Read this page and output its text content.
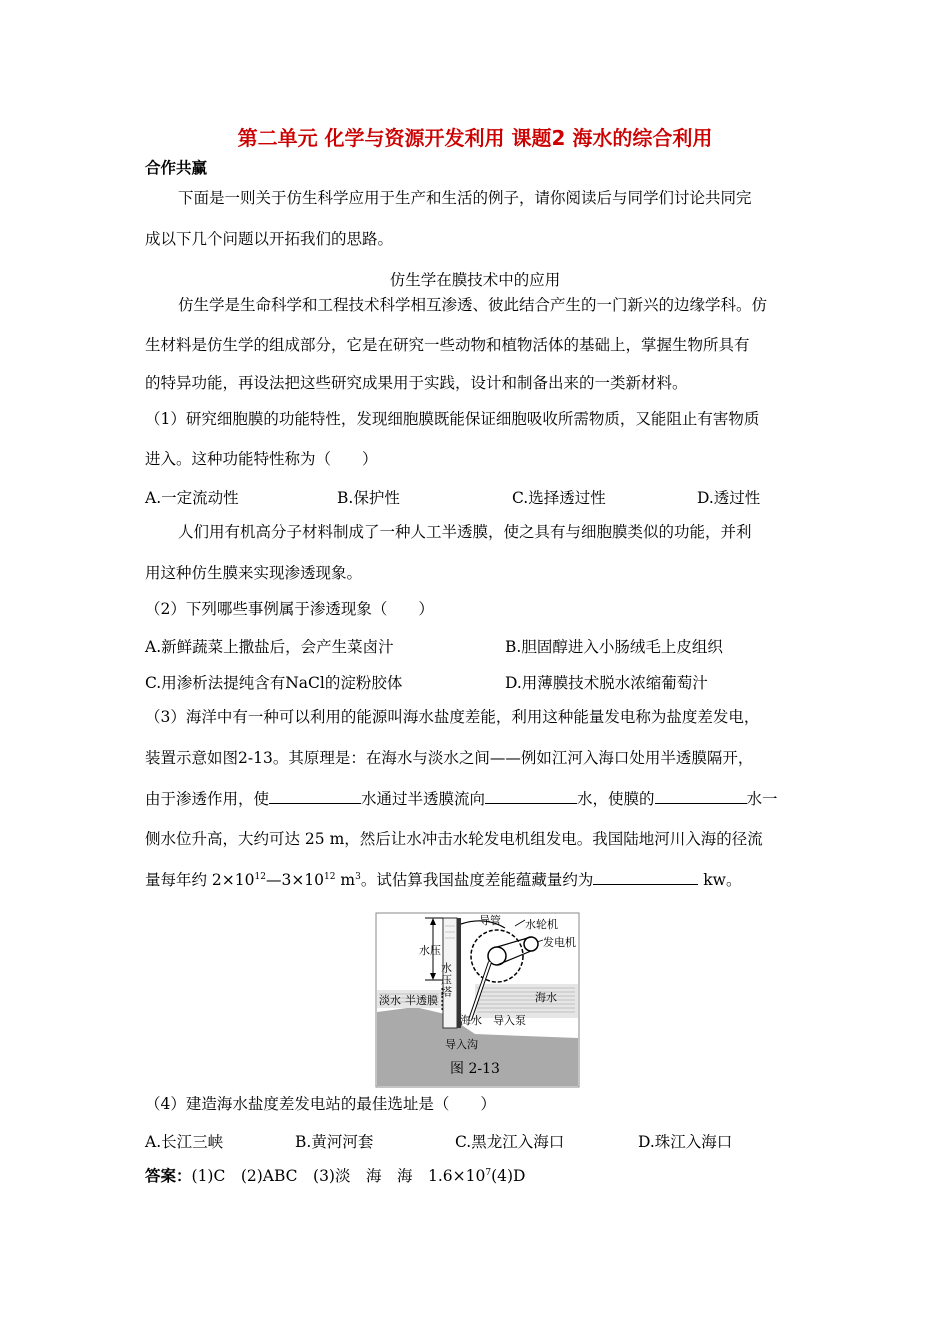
第二单元 化学与资源开发利用 课题2 海水的综合利用
合作共赢
下面是一则关于仿生科学应用于生产和生活的例子，请你阅读后与同学们讨论共同完
成以下几个问题以开拓我们的思路。
仿生学在膜技术中的应用
仿生学是生命科学和工程技术科学相互渗透、彼此结合产生的一门新兴的边缘学科。仿
生材料是仿生学的组成部分，它是在研究一些动物和植物活体的基础上，掌握生物所具有
的特异功能，再设法把这些研究成果用于实践，设计和制备出来的一类新材料。
（1）研究细胞膜的功能特性，发现细胞膜既能保证细胞吸收所需物质，又能阻止有害物质
进入。这种功能特性称为（　　）
A.一定流动性	B.保护性	C.选择透过性	D.透过性
人们用有机高分子材料制成了一种人工半透膜，使之具有与细胞膜类似的功能，并利
用这种仿生膜来实现渗透现象。
（2）下列哪些事例属于渗透现象（　　）
A.新鲜蔬菜上撒盐后，会产生菜卤汁	B.胆固醇进入小肠绒毛上皮组织
C.用渗析法提纯含有NaCl的淀粉胶体	D.用薄膜技术脱水浓缩葡萄汁
（3）海洋中有一种可以利用的能源叫海水盐度差能，利用这种能量发电称为盐度差发电，
装置示意如图2-13。其原理是：在海水与淡水之间——例如江河入海口处用半透膜隔开，
由于渗透作用，使	水通过半透膜流向	水，使膜的	水一
侧水位升高，大约可达 25 m，然后让水冲击水轮发电机组发电。我国陆地河川入海的径流
量每年约 $2\times 10^{12}—3\times 10^{12}$ $m^3$。试估算我国盐度差能蕴藏量约为	kw。
导管 水轮机
发电机
水压
水压塔
淡水 半透膜	海水
海水 导入泵
导入沟
图 2-13
（4）建造海水盐度差发电站的最佳选址是（　　）
A.长江三峡	B.黄河河套	C.黑龙江入海口	D.珠江入海口
答案：(1)C　(2)ABC　(3)淡　海　海　$1.6\times 10^7(4)D$
